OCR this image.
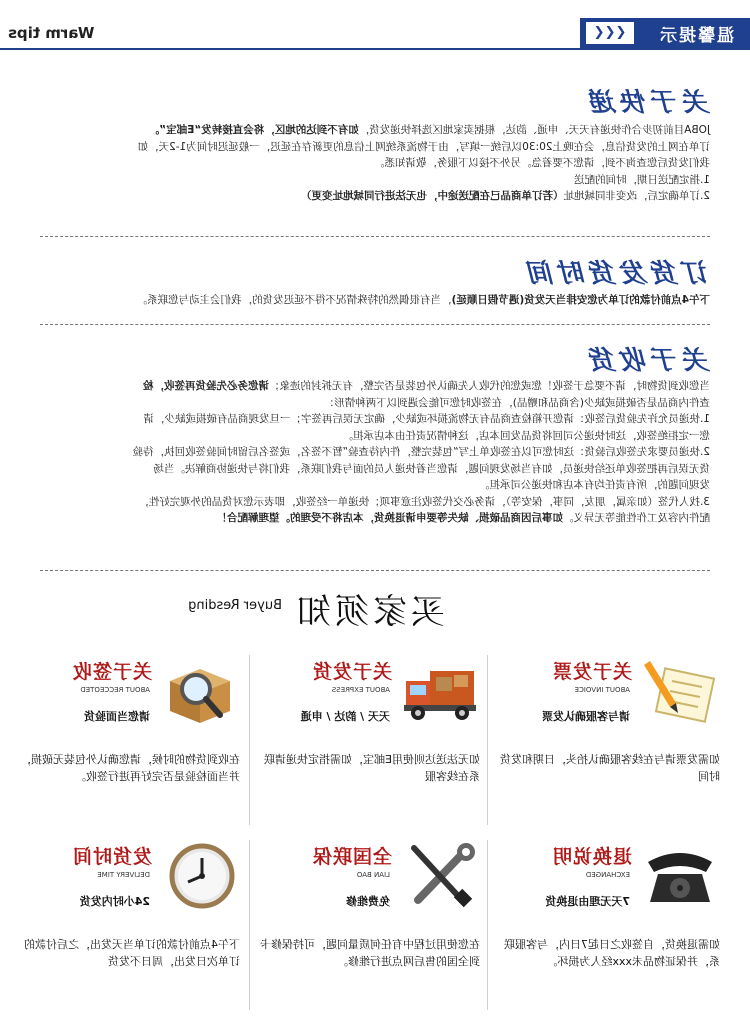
温馨提示
❮❮❮
Warm tips
关于快递

JOBA目前初步合作快递有天天、申通、韵达，根据卖家地区选择快递发货，如有不到达的地区，将会直接转发“E邮宝”。

订单在网上的发货信息，会在晚上20:30以后统一填写，由于物流系统网上信息的更新存在延迟，一般延迟时间为1-2天，如

我们发货后您查询不到，请您不要着急。另外不接以下服务，敬请知悉。

1.指定配送日期，时间的配送

2.订单确定后，改变非同城地址（若订单商品已在配送途中，也无法进行同城地址变更）

订货发货时间

下午4点前付款的订单为您安排当天发货(遇节假日顺延)，当有很偶然的特殊情况不得不延迟发货的，我们会主动与您联系。

关于收货

当您收到货物时，请不要急于签收！您或您的代收人先确认外包装是否完整，有无拆封的迹象；请您务必先验货再签收，检

查件内商品是否破损或缺少(含商品和赠品)，在签收时您可能会遇到以下两种情形：

1.快递员允许先验货后签收：请您开箱检查商品有无物流损坏或缺少，确定无误后再签字；一旦发现商品有破损或缺少，请

您一定拒绝签收，这时快递公司回将货品发回本店，这种情况责任由本店承担。

2.快递员要求先签收后验货：这时您可以在签收单上写“包装完整，件内待查验”暂不签名，或签名后留时间验签收回执，待验

货无误后再把签收单还给快递员，如有当场发现问题，请您当着快递人员的面与我们联系，我们将与快递协商解决。当场

发现问题的，所有责任均有本店和快递公司承担。

3.找人代签（如亲属，朋友，同事，保安等），请务必交代签收注意事项；快递单一经签收，即表示您对货品的外观完好性，

配件内容及工作性能等无异义。如事后因商品破损、缺失等要申请退换货，本店将不受理的。望理解配合！

买家须知
Buyer Resding
关于发票
ABOUT INVOICE
请与客服确认发票
如需发票请与在线客服确认抬头，日期和发货时间
关于发货
ABOUT EXPRESS
天天 / 韵达 / 申通
如无法送达则使用E邮宝，如需指定快递请联系在线客服
关于签收
ABOUT RECCEOTED
请您当面验货
在收到货物的时候，请您确认外包装无破损，并当面检验是否完好再进行签收。
退换说明
EXCHANGED
7天无理由退换货
如需退换货，自签收之日起7日内，与客服联系，并保证物品未xxx经人为损坏。
全国联保
LIAN BAO
免费维修
在您使用过程中有任何质量问题，可持保修卡到全国的售后网点进行维修。
发货时间
DELIVERY TIME
24小时内发货
下午4点前付款的订单当天发出，之后付款的订单次日发出，周日不发货
